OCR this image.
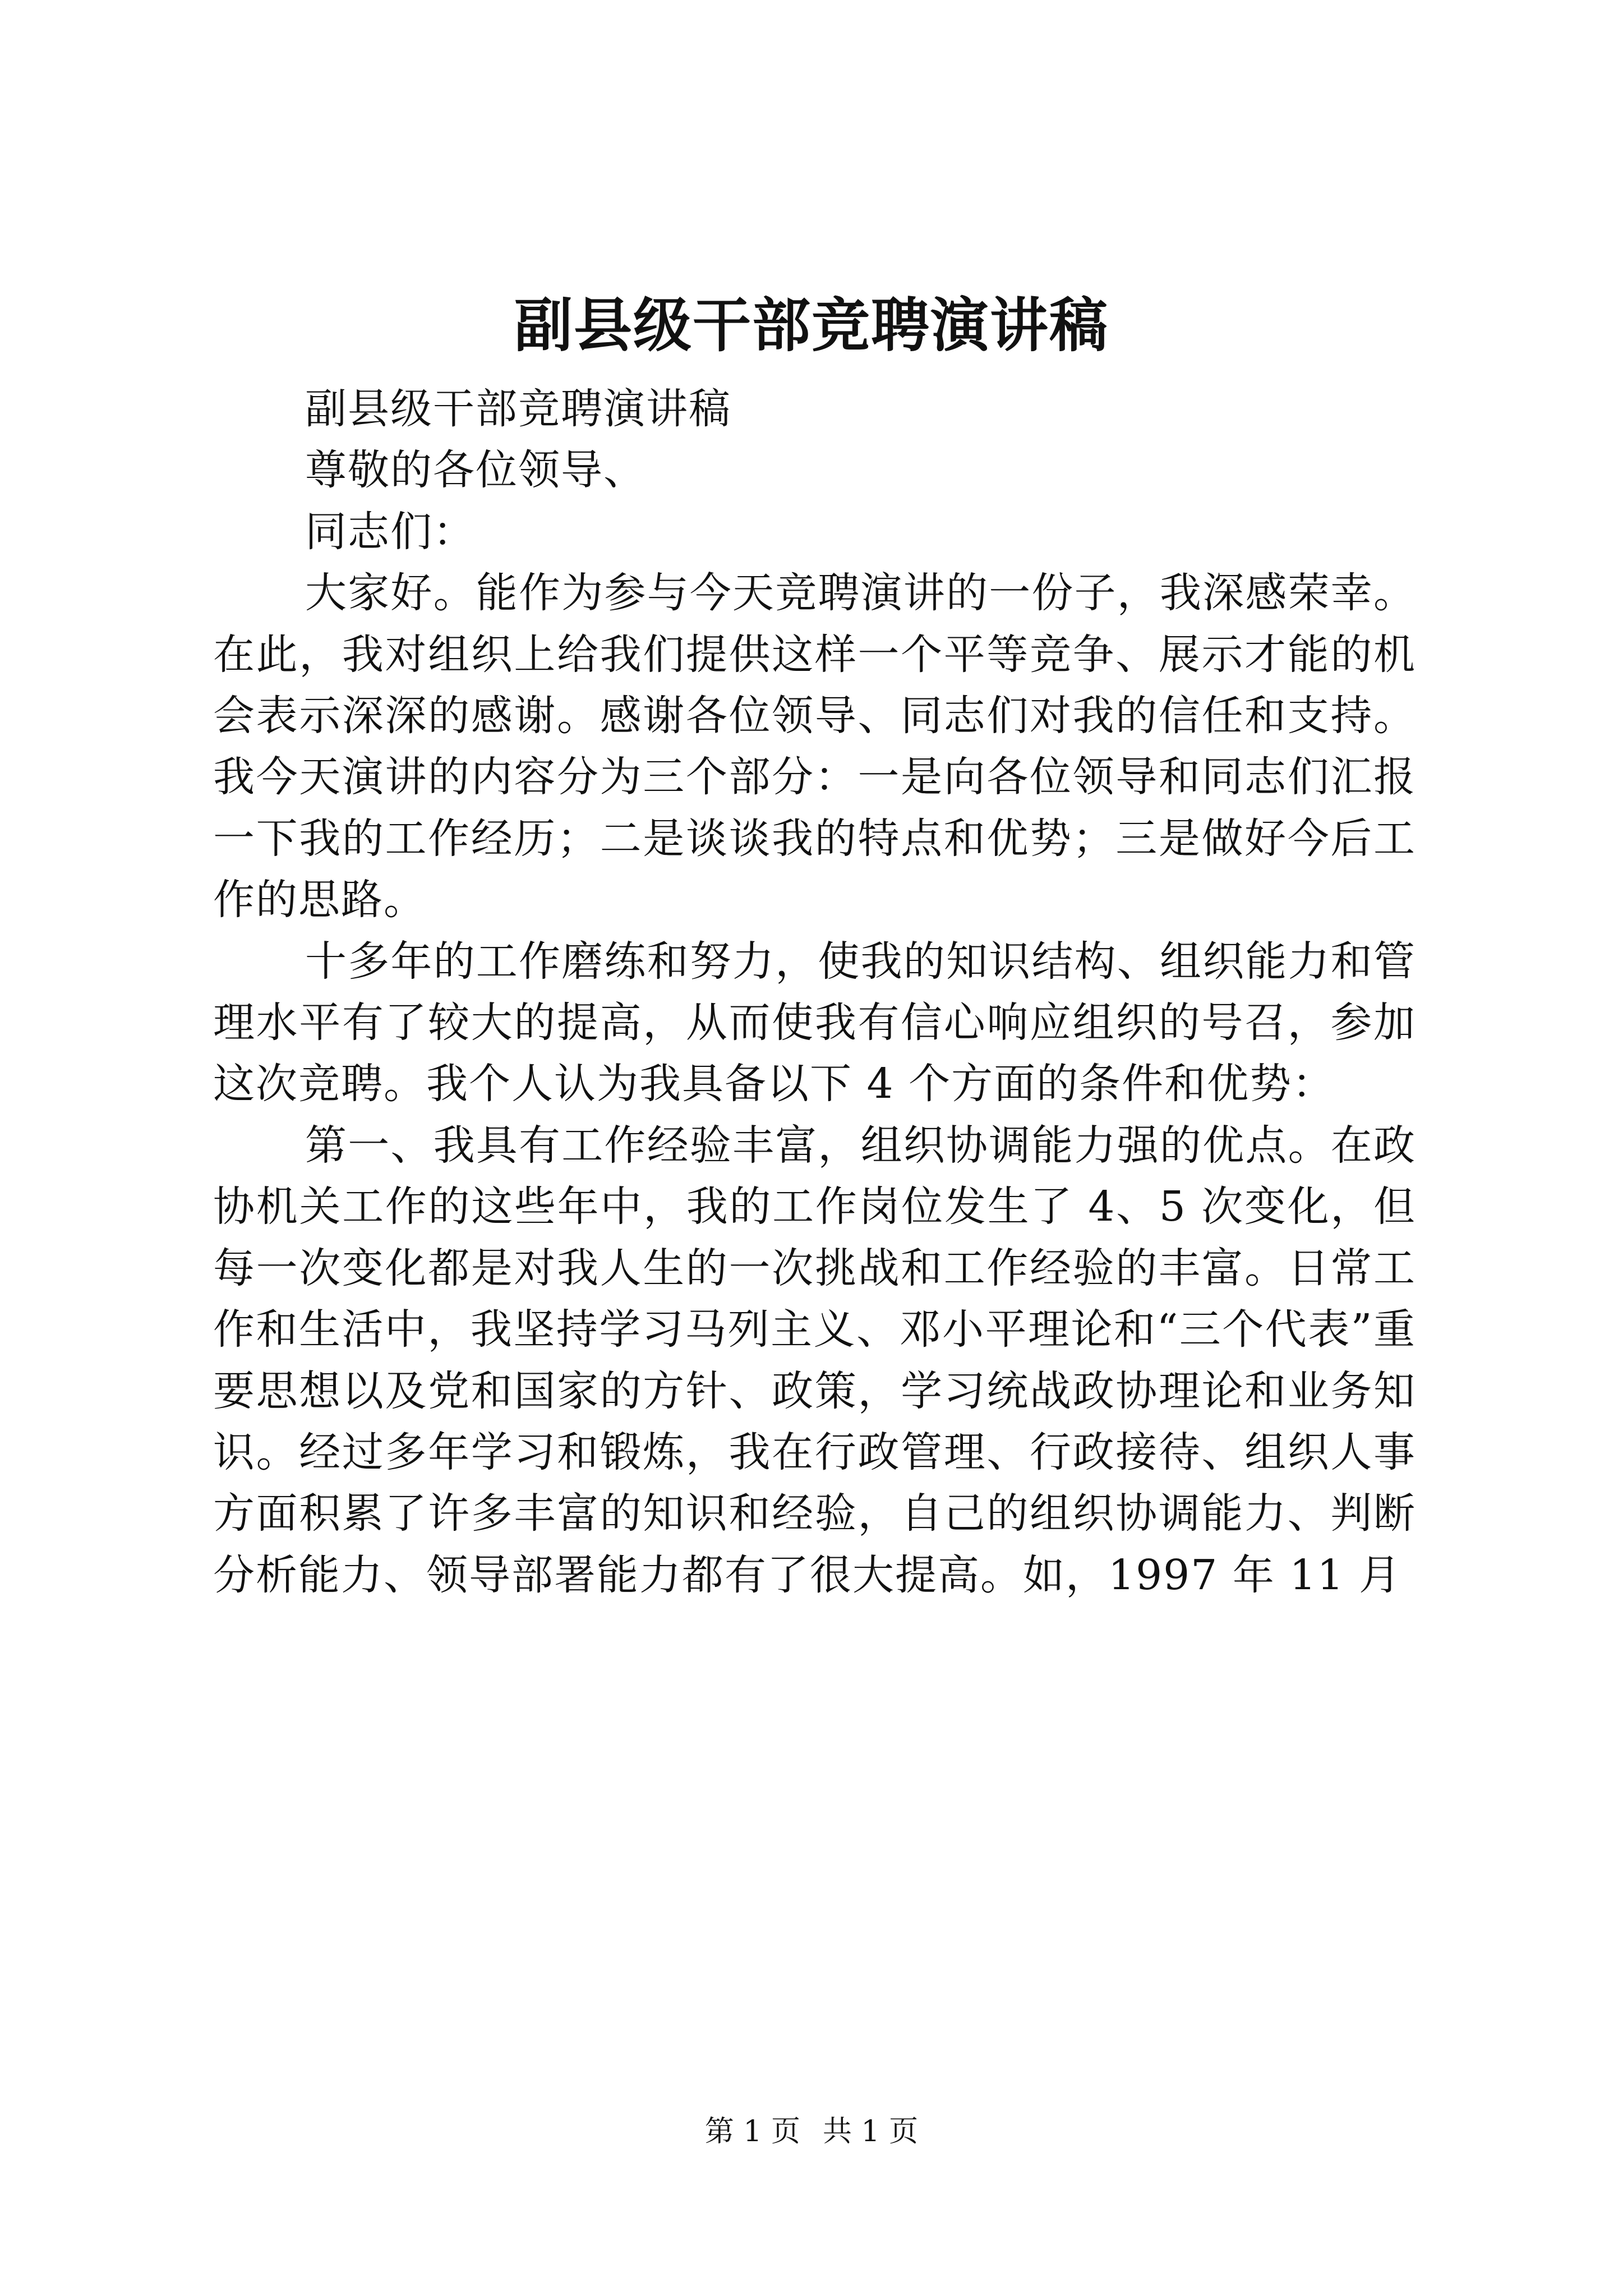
副县级干部竞聘演讲稿

副县级干部竞聘演讲稿

尊敬的各位领导、

同志们：

大家好。能作为参与今天竞聘演讲的一份子，我深感荣幸。在此，我对组织上给我们提供这样一个平等竞争、展示才能的机会表示深深的感谢。感谢各位领导、同志们对我的信任和支持。我今天演讲的内容分为三个部分：一是向各位领导和同志们汇报一下我的工作经历；二是谈谈我的特点和优势；三是做好今后工作的思路。

十多年的工作磨练和努力，使我的知识结构、组织能力和管理水平有了较大的提高，从而使我有信心响应组织的号召，参加这次竞聘。我个人认为我具备以下 4 个方面的条件和优势：

第一、我具有工作经验丰富，组织协调能力强的优点。在政协机关工作的这些年中，我的工作岗位发生了 4、5 次变化，但每一次变化都是对我人生的一次挑战和工作经验的丰富。日常工作和生活中，我坚持学习马列主义、邓小平理论和“三个代表”重要思想以及党和国家的方针、政策，学习统战政协理论和业务知识。经过多年学习和锻炼，我在行政管理、行政接待、组织人事方面积累了许多丰富的知识和经验，自己的组织协调能力、判断分析能力、领导部署能力都有了很大提高。如，1997 年 11 月

第 1 页 共 1 页
